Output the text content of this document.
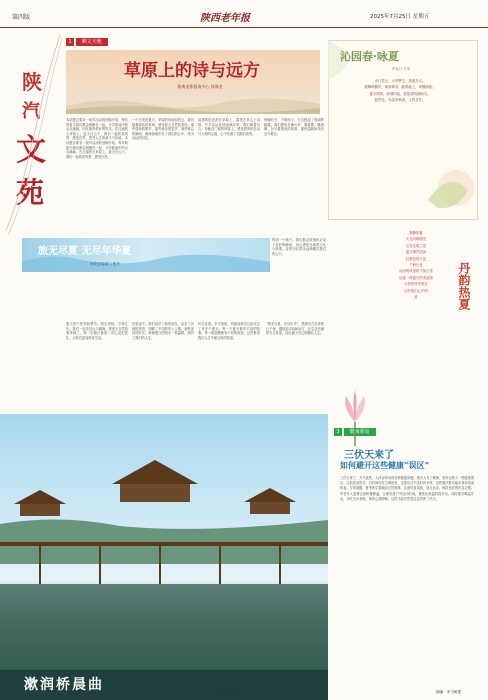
第四版	陕西老年报	2025年7月25日 星期五
陕
汽
文
苑
1 晒文天地
草原上的诗与远方
新离退休服务中心 何海龙
本站题目要求一段对活动的回顾介绍，每年的夏天我们都会相聚在一起，分享旅途中的点点滴滴，回忆那些美好的时光。在辽阔的大草原上，蓝天白云下，我们一起欣赏风景、感受自然、思考人生的意义与价值。本站题目要求一段对活动的回顾介绍，每年的夏天我们都会相聚在一起，分享旅途中的点点滴滴。在辽阔的大草原上，蓝天白云下，我们一起欣赏风景、感受自然。
一个完美的夏天，草原的风轻轻吹过，我们踏着绿色的草地，感受着大自然的美好。那些悠扬的歌声，那些欢乐的笑声，那些难忘的瞬间，都深深地印在了我们的心中，成为永远的回忆。
清晨的阳光洒在草原上，露珠在草尖上闪烁，牛羊在远处悠闲地吃草。我们骑着马儿，奔驰在广阔的草原上，感受着风的自由与大地的辽阔，心中充满了无限的喜悦。
傍晚时分，夕阳西下，天边燃起了绚丽的晚霞。我们围坐在篝火旁，唱着歌，跳着舞，分享着彼此的故事，那份温暖和快乐至今难忘。
沁园春·咏夏
车友门 于平
赤日蒸云，火伞擎空，热浪扑人。
看蝉鸣柳岸，荷香翠羽，蛙鸣池上，风拂绿波。
夏木浓阴，炊烟四起，愈显清明朗朗天。
悠然处，尽清凉秋意，人约日长。
静静的夏
火光闪烁明光
点亮光明之花
夏日嫣然清涼
红黄色的火花
千般行化
从西的风里的千抹日香
从唐一样夏日的美丽里
火热的热风里灯
还有我们心中的
爱	丹韵热夏
旅无尽夏 无尽年华夏
西安总装部门 张丹
夏天是个热烈的季节，阳光炽热，万物生长。我们一起走过山川湖海，感受大自然的鬼斧神工，每一次旅行都是一次心灵的洗礼，让我们更加热爱生活。
在旅途中，我们结识了新的朋友，品尝了各地的美食，领略了不同的风土人情。那些美好的时光，就像夏日的阳光一样温暖，照亮了我们的人生。
时光荏苒，岁月如梭，转眼间我们已经走过了许多个夏天。每一个夏天都有不同的故事，每一段旅程都有不同的收获，这些都是我们人生中最宝贵的财富。
“旅无尽夏，无尽年华”，愿我们在未来的日子里，继续追寻诗和远方，让生活充满阳光与希望，活出属于自己的精彩人生。
每到一个地方，我们都会用相机记录下美好的瞬间，用心感受当地的文化与风情。这些回忆将永远珍藏在我们的心中。
漱润桥晨曲	后勤服务部 谭永平
3 健康驿站
三伏天来了
如何避开这些健康“误区”
三伏天来了，天气炎热，人体容易出现各种健康问题。很多人为了避暑，常常会陷入一些健康误区。比如贪凉饮冷、长时间待在空调房里、过度出汗不及时补水等，这些做法都可能对身体造成伤害。专家提醒，夏季养生要顺应自然规律，注意饮食清淡，适当运动，保持良好的作息习惯。中老年人更要注意防暑降温，合理安排户外活动时间，避免在高温时段外出。同时要多喝温开水，少吃生冷食物，保持心情舒畅，这样才能安然度过炎热的三伏天。
摘编：孝习敏提
